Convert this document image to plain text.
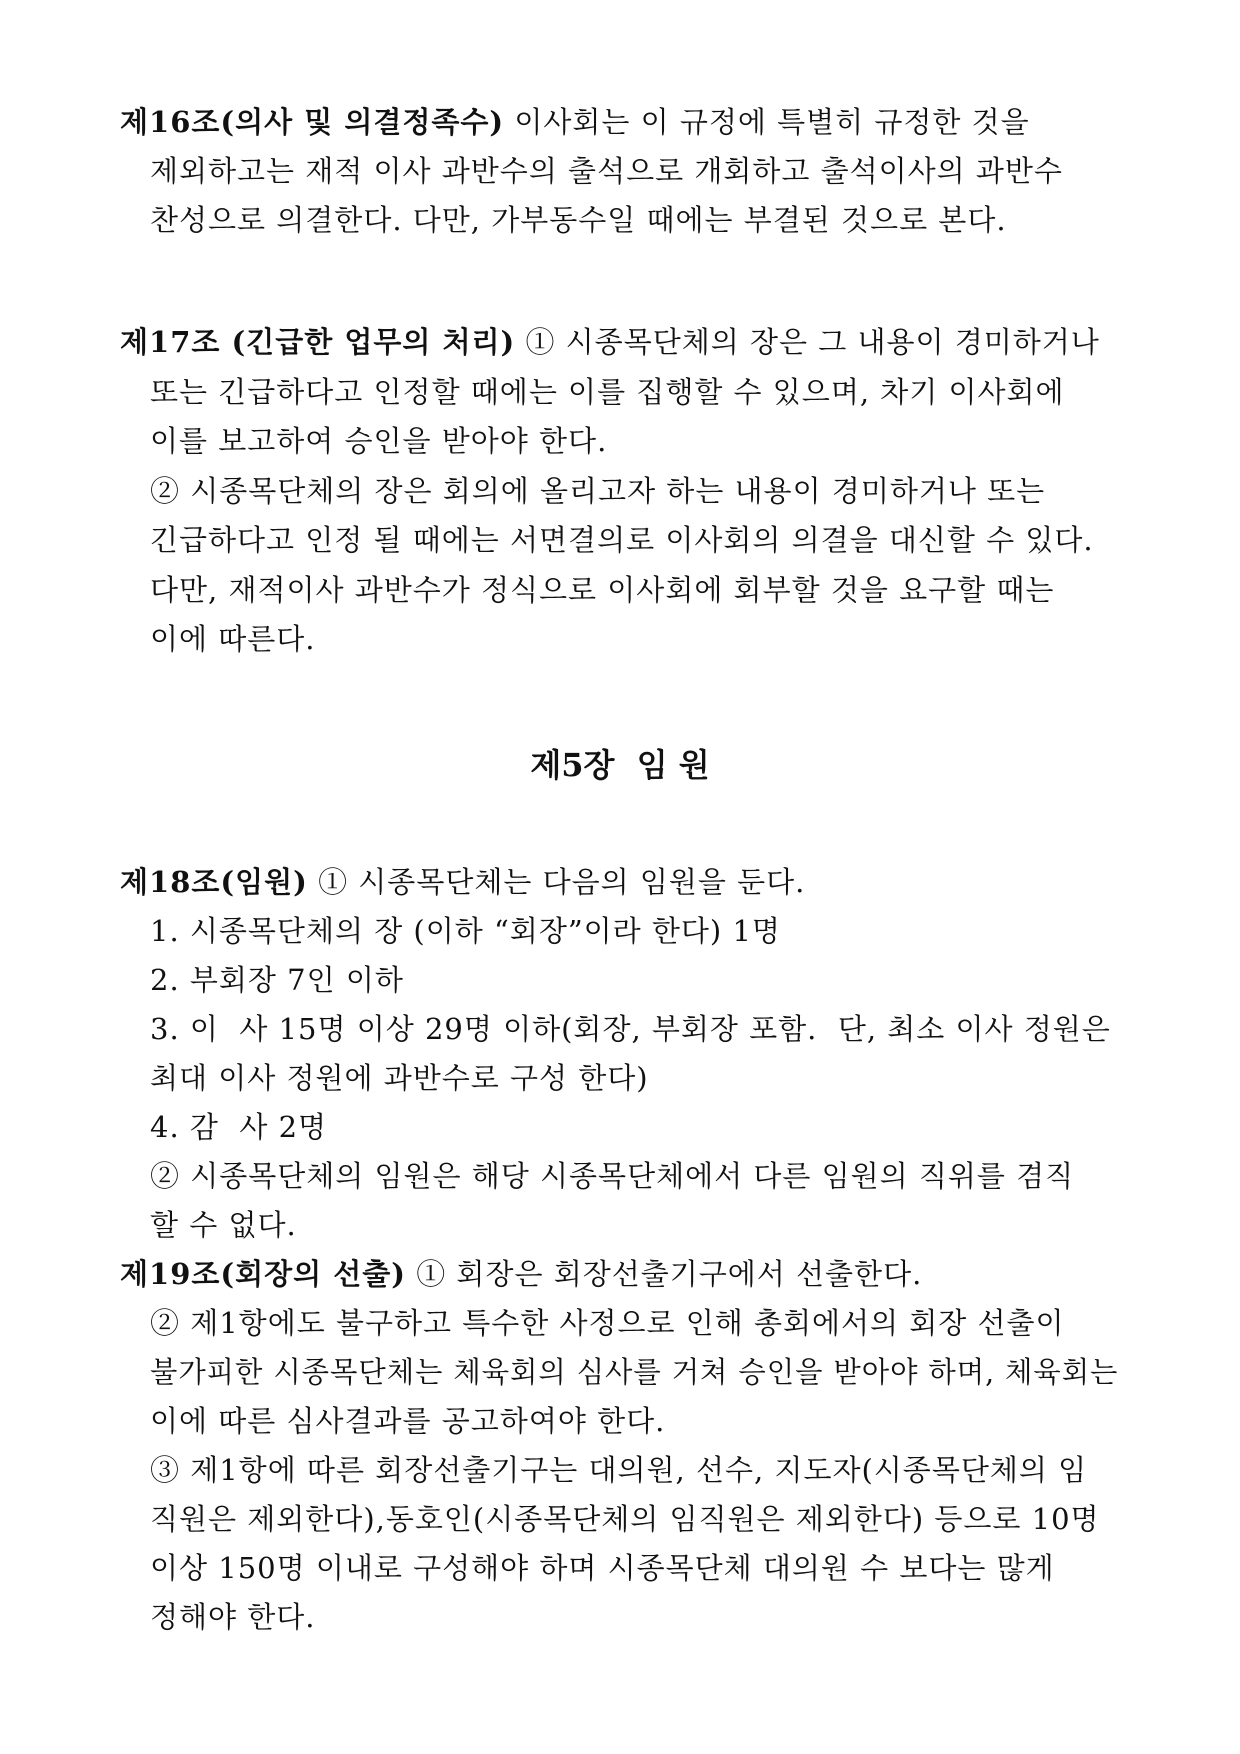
제16조(의사 및 의결정족수) 이사회는 이 규정에 특별히 규정한 것을
제외하고는 재적 이사 과반수의 출석으로 개회하고 출석이사의 과반수
찬성으로 의결한다. 다만, 가부동수일 때에는 부결된 것으로 본다.
제17조 (긴급한 업무의 처리) ① 시종목단체의 장은 그 내용이 경미하거나
또는 긴급하다고 인정할 때에는 이를 집행할 수 있으며, 차기 이사회에
이를 보고하여 승인을 받아야 한다.
② 시종목단체의 장은 회의에 올리고자 하는 내용이 경미하거나 또는
긴급하다고 인정 될 때에는 서면결의로 이사회의 의결을 대신할 수 있다.
다만, 재적이사 과반수가 정식으로 이사회에 회부할 것을 요구할 때는
이에 따른다.
제5장  임 원
제18조(임원) ① 시종목단체는 다음의 임원을 둔다.
1. 시종목단체의 장 (이하 “회장”이라 한다) 1명
2. 부회장 7인 이하
3. 이  사 15명 이상 29명 이하(회장, 부회장 포함.  단, 최소 이사 정원은
최대 이사 정원에 과반수로 구성 한다)
4. 감  사 2명
② 시종목단체의 임원은 해당 시종목단체에서 다른 임원의 직위를 겸직
할 수 없다.
제19조(회장의 선출) ① 회장은 회장선출기구에서 선출한다.
② 제1항에도 불구하고 특수한 사정으로 인해 총회에서의 회장 선출이
불가피한 시종목단체는 체육회의 심사를 거쳐 승인을 받아야 하며, 체육회는
이에 따른 심사결과를 공고하여야 한다.
③ 제1항에 따른 회장선출기구는 대의원, 선수, 지도자(시종목단체의 임
직원은 제외한다),동호인(시종목단체의 임직원은 제외한다) 등으로 10명
이상 150명 이내로 구성해야 하며 시종목단체 대의원 수 보다는 많게
정해야 한다.
